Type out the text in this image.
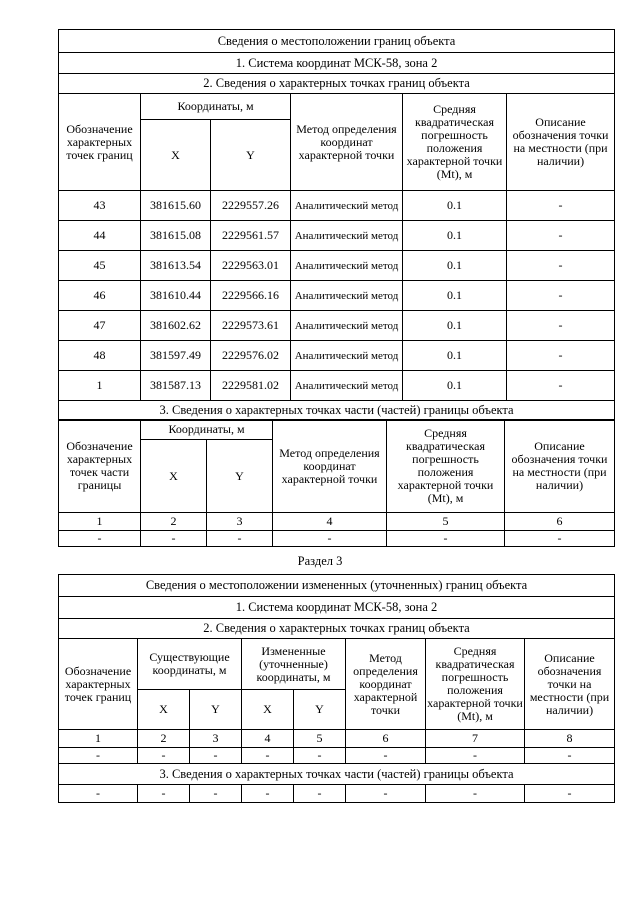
Сведения о местоположении границ объекта					
1. Система координат МСК-58, зона 2					
2. Сведения о характерных точках границ объекта					
Обозначение характерных точек границ	Координаты, м		Метод определения координат характерной точки	Средняя квадратическая погрешность положения характерной точки (Mt), м	Описание обозначения точки на местности (при наличии)
	X	Y			
43	381615.60	2229557.26	Аналитический метод	0.1	-
44	381615.08	2229561.57	Аналитический метод	0.1	-
45	381613.54	2229563.01	Аналитический метод	0.1	-
46	381610.44	2229566.16	Аналитический метод	0.1	-
47	381602.62	2229573.61	Аналитический метод	0.1	-
48	381597.49	2229576.02	Аналитический метод	0.1	-
1	381587.13	2229581.02	Аналитический метод	0.1	-
3. Сведения о характерных точках части (частей) границы объекта					
Обозначение характерных точек части границы	Координаты, м		Метод определения координат характерной точки	Средняя квадратическая погрешность положения характерной точки (Mt), м	Описание обозначения точки на местности (при наличии)
	X	Y			
1	2	3	4	5	6
-	-	-	-	-	-
Раздел 3
Сведения о местоположении измененных (уточненных) границ объекта							
1. Система координат МСК-58, зона 2							
2. Сведения о характерных точках границ объекта							
Обозначение характерных точек границ	Существующие координаты, м		Измененные (уточненные) координаты, м		Метод определения координат характерной точки	Средняя квадратическая погрешность положения характерной точки (Mt), м	Описание обозначения точки на местности (при наличии)
	X	Y	X	Y			
1	2	3	4	5	6	7	8
-	-	-	-	-	-	-	-
3. Сведения о характерных точках части (частей) границы объекта							
-	-	-	-	-	-	-	-
